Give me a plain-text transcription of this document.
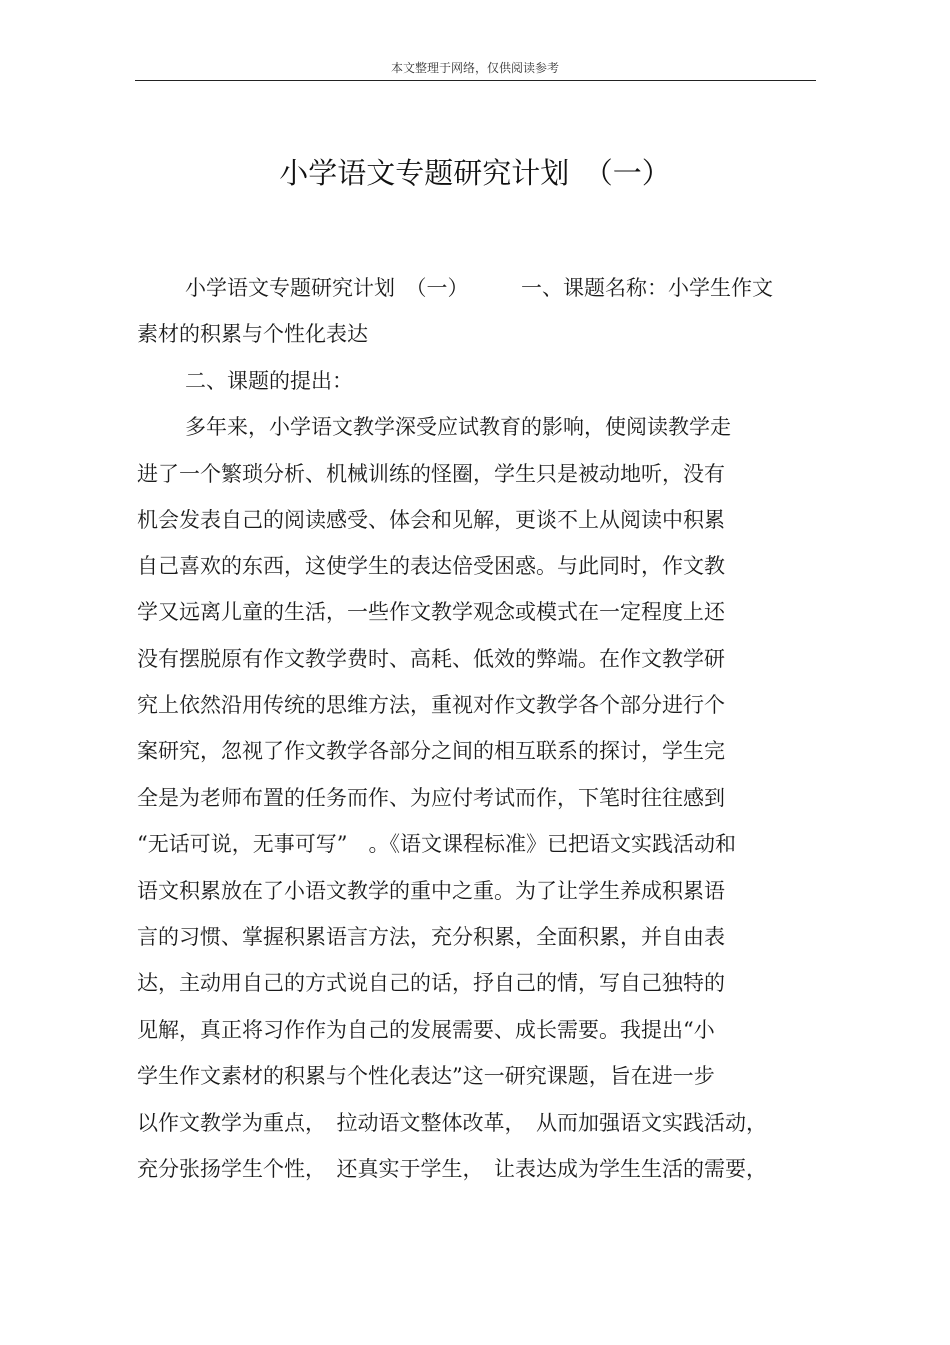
本文整理于网络，仅供阅读参考
小学语文专题研究计划　（一）
小学语文专题研究计划　（一）　　　一、课题名称：小学生作文
素材的积累与个性化表达
二、课题的提出：
多年来，小学语文教学深受应试教育的影响，使阅读教学走
进了一个繁琐分析、机械训练的怪圈，学生只是被动地听，没有
机会发表自己的阅读感受、体会和见解，更谈不上从阅读中积累
自己喜欢的东西，这使学生的表达倍受困惑。与此同时，作文教
学又远离儿童的生活，一些作文教学观念或模式在一定程度上还
没有摆脱原有作文教学费时、高耗、低效的弊端。在作文教学研
究上依然沿用传统的思维方法，重视对作文教学各个部分进行个
案研究，忽视了作文教学各部分之间的相互联系的探讨，学生完
全是为老师布置的任务而作、为应付考试而作，下笔时往往感到
“无话可说，无事可写”　。《语文课程标准》已把语文实践活动和
语文积累放在了小语文教学的重中之重。为了让学生养成积累语
言的习惯、掌握积累语言方法，充分积累，全面积累，并自由表
达，主动用自己的方式说自己的话，抒自己的情，写自己独特的
见解，真正将习作作为自己的发展需要、成长需要。我提出“小
学生作文素材的积累与个性化表达”这一研究课题，旨在进一步
以作文教学为重点，　拉动语文整体改革，　从而加强语文实践活动，
充分张扬学生个性，　还真实于学生，　让表达成为学生生活的需要，
